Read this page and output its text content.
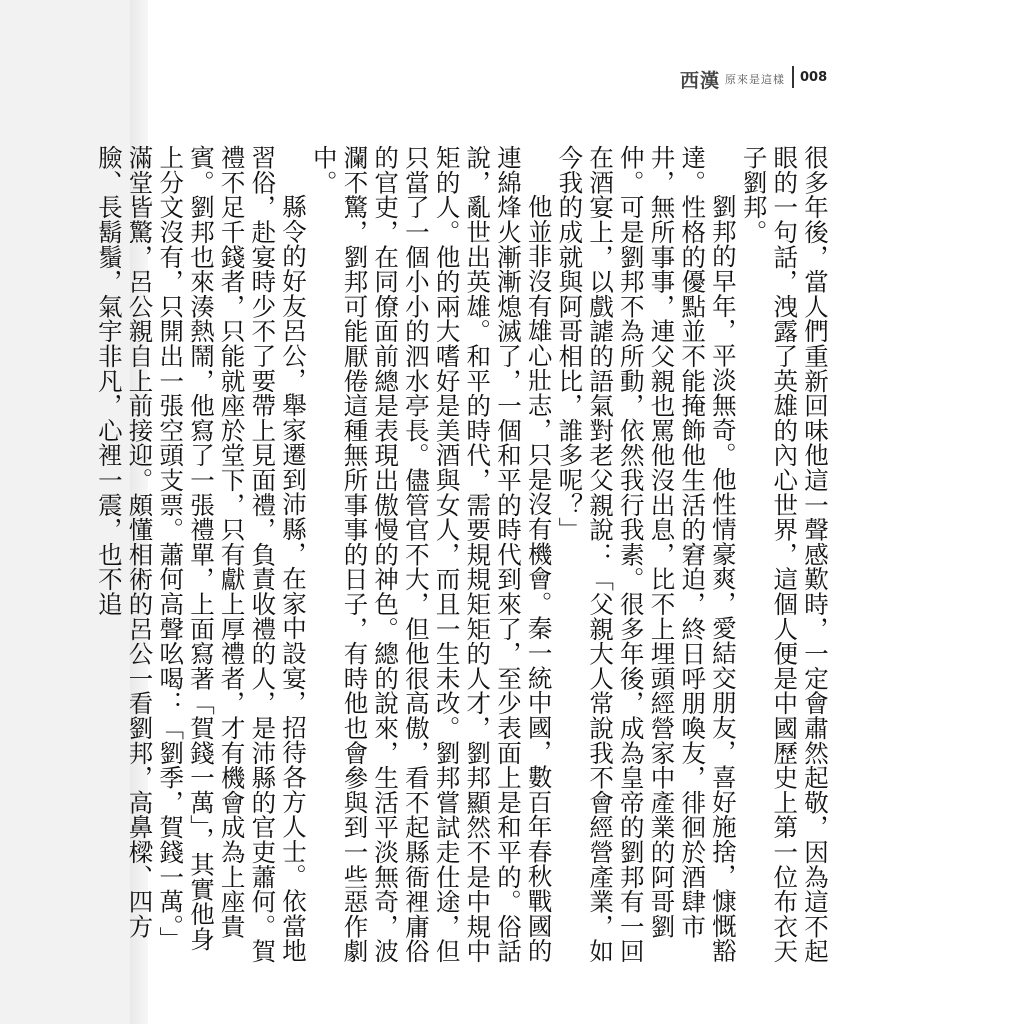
西漢 原來是這樣 008

很多年後，當人們重新回味他這一聲感歎時，一定會肅然起敬，因為這不起眼的一句話，洩露了英雄的內心世界，這個人便是中國歷史上第一位布衣天子劉邦。

劉邦的早年，平淡無奇。他性情豪爽，愛結交朋友，喜好施捨，慷慨豁達。性格的優點並不能掩飾他生活的窘迫，終日呼朋喚友，徘徊於酒肆市井，無所事事，連父親也罵他沒出息，比不上埋頭經營家中產業的阿哥劉仲。可是劉邦不為所動，依然我行我素。很多年後，成為皇帝的劉邦有一回在酒宴上，以戲謔的語氣對老父親說：「父親大人常說我不會經營產業，如今我的成就與阿哥相比，誰多呢？」

他並非沒有雄心壯志，只是沒有機會。秦一統中國，數百年春秋戰國的連綿烽火漸漸熄滅了，一個和平的時代到來了，至少表面上是和平的。俗話說，亂世出英雄。和平的時代，需要規規矩矩的人才，劉邦顯然不是中規中矩的人。他的兩大嗜好是美酒與女人，而且一生未改。劉邦嘗試走仕途，但只當了一個小小的泗水亭長。儘管官不大，但他很高傲，看不起縣衙裡庸俗的官吏，在同僚面前總是表現出傲慢的神色。總的說來，生活平淡無奇，波瀾不驚，劉邦可能厭倦這種無所事事的日子，有時他也會參與到一些惡作劇中。

縣令的好友呂公，舉家遷到沛縣，在家中設宴，招待各方人士。依當地習俗，赴宴時少不了要帶上見面禮，負責收禮的人，是沛縣的官吏蕭何。賀禮不足千錢者，只能就座於堂下，只有獻上厚禮者，才有機會成為上座貴賓。劉邦也來湊熱鬧，他寫了一張禮單，上面寫著「賀錢一萬」，其實他身上分文沒有，只開出一張空頭支票。蕭何高聲吆喝：「劉季，賀錢一萬。」滿堂皆驚，呂公親自上前接迎。頗懂相術的呂公一看劉邦，高鼻樑、四方臉、長鬍鬚，氣宇非凡，心裡一震，也不追
